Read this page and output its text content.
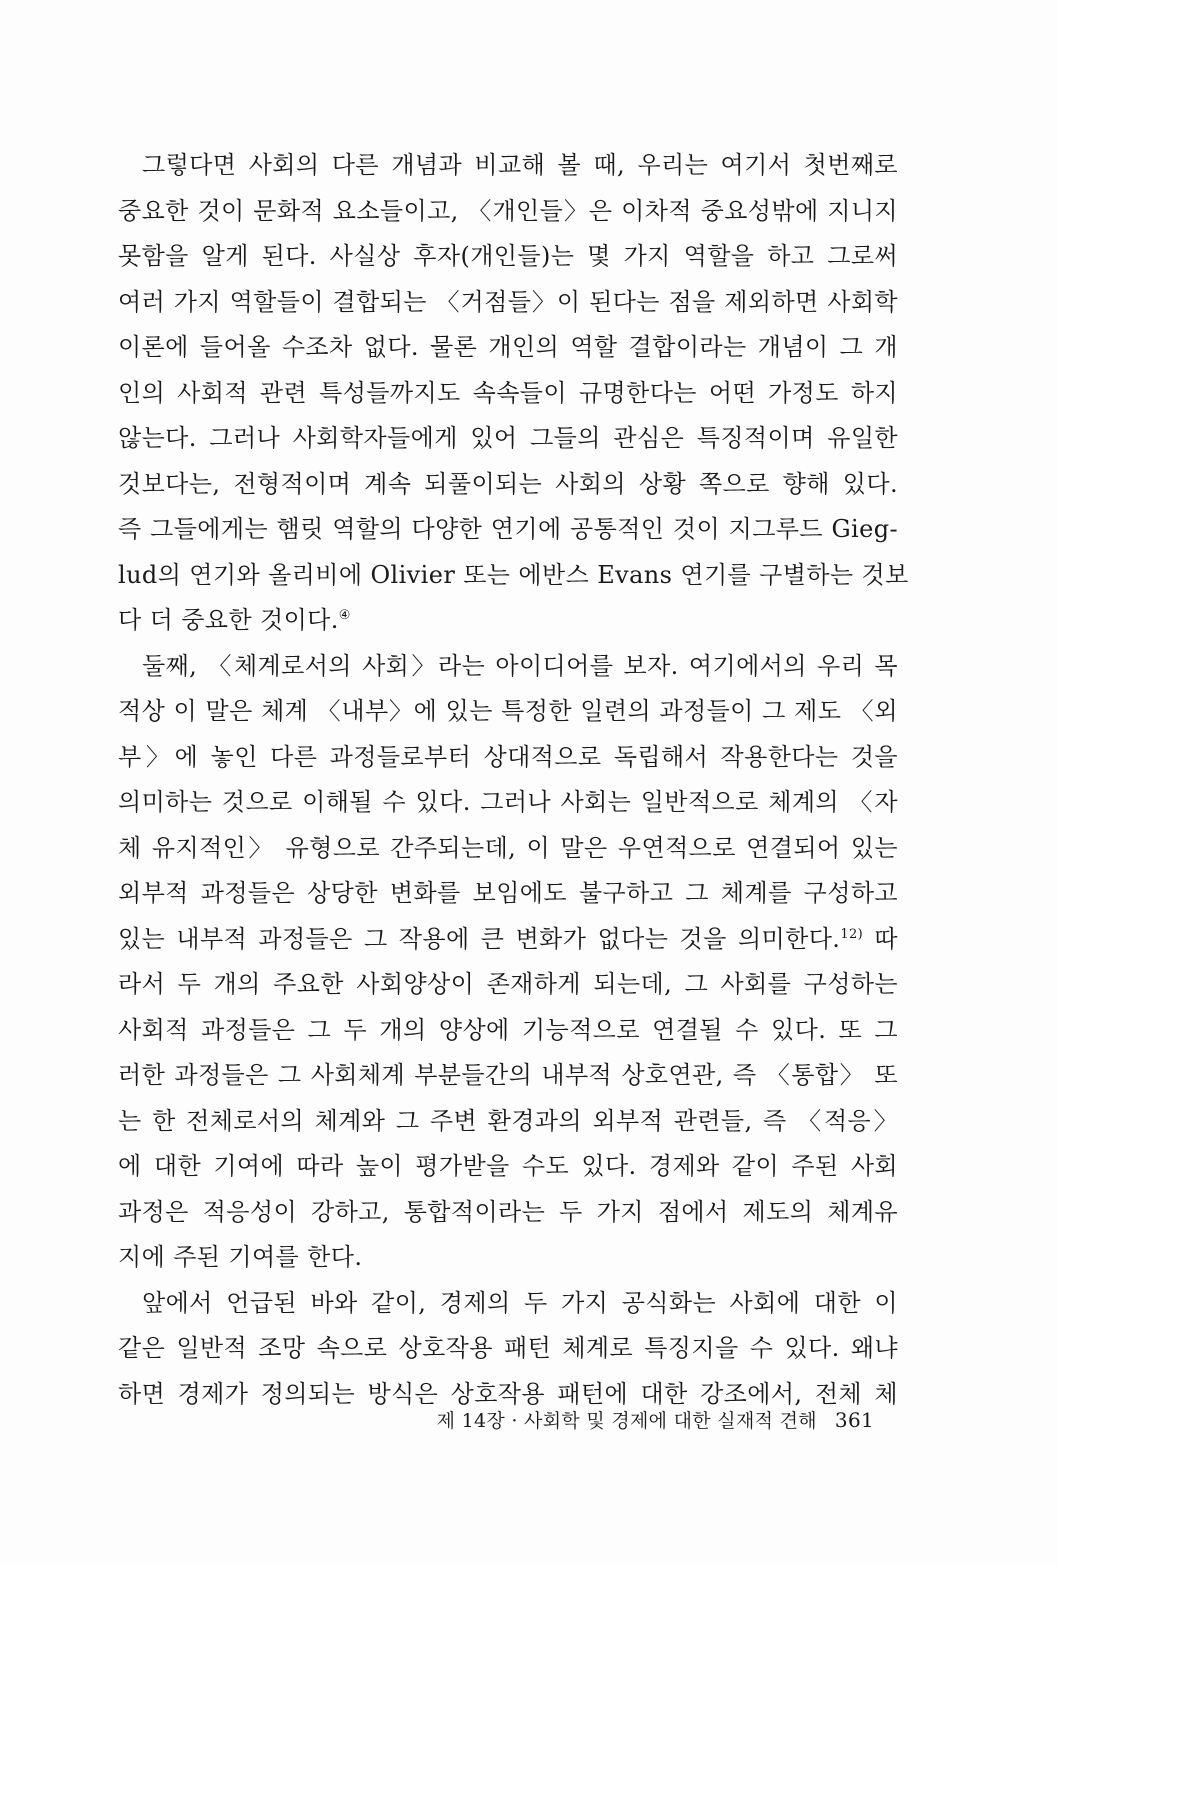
그렇다면 사회의 다른 개념과 비교해 볼 때, 우리는 여기서 첫번째로
중요한 것이 문화적 요소들이고, 〈개인들〉은 이차적 중요성밖에 지니지
못함을 알게 된다. 사실상 후자(개인들)는 몇 가지 역할을 하고 그로써
여러 가지 역할들이 결합되는 〈거점들〉이 된다는 점을 제외하면 사회학
이론에 들어올 수조차 없다. 물론 개인의 역할 결합이라는 개념이 그 개
인의 사회적 관련 특성들까지도 속속들이 규명한다는 어떤 가정도 하지
않는다. 그러나 사회학자들에게 있어 그들의 관심은 특징적이며 유일한
것보다는, 전형적이며 계속 되풀이되는 사회의 상황 쪽으로 향해 있다.
즉 그들에게는 햄릿 역할의 다양한 연기에 공통적인 것이 지그루드 Gieg-
lud의 연기와 올리비에 Olivier 또는 에반스 Evans 연기를 구별하는 것보
다 더 중요한 것이다.④
둘째, 〈체계로서의 사회〉라는 아이디어를 보자. 여기에서의 우리 목
적상 이 말은 체계 〈내부〉에 있는 특정한 일련의 과정들이 그 제도 〈외
부〉에 놓인 다른 과정들로부터 상대적으로 독립해서 작용한다는 것을
의미하는 것으로 이해될 수 있다. 그러나 사회는 일반적으로 체계의 〈자
체 유지적인〉 유형으로 간주되는데, 이 말은 우연적으로 연결되어 있는
외부적 과정들은 상당한 변화를 보임에도 불구하고 그 체계를 구성하고
있는 내부적 과정들은 그 작용에 큰 변화가 없다는 것을 의미한다.$^{12)}$ 따
라서 두 개의 주요한 사회양상이 존재하게 되는데, 그 사회를 구성하는
사회적 과정들은 그 두 개의 양상에 기능적으로 연결될 수 있다. 또 그
러한 과정들은 그 사회체계 부분들간의 내부적 상호연관, 즉 〈통합〉 또
는 한 전체로서의 체계와 그 주변 환경과의 외부적 관련들, 즉 〈적응〉
에 대한 기여에 따라 높이 평가받을 수도 있다. 경제와 같이 주된 사회
과정은 적응성이 강하고, 통합적이라는 두 가지 점에서 제도의 체계유
지에 주된 기여를 한다.
앞에서 언급된 바와 같이, 경제의 두 가지 공식화는 사회에 대한 이
같은 일반적 조망 속으로 상호작용 패턴 체계로 특징지을 수 있다. 왜냐
하면 경제가 정의되는 방식은 상호작용 패턴에 대한 강조에서, 전체 체
제 14장 · 사회학 및 경제에 대한 실재적 견해 361
